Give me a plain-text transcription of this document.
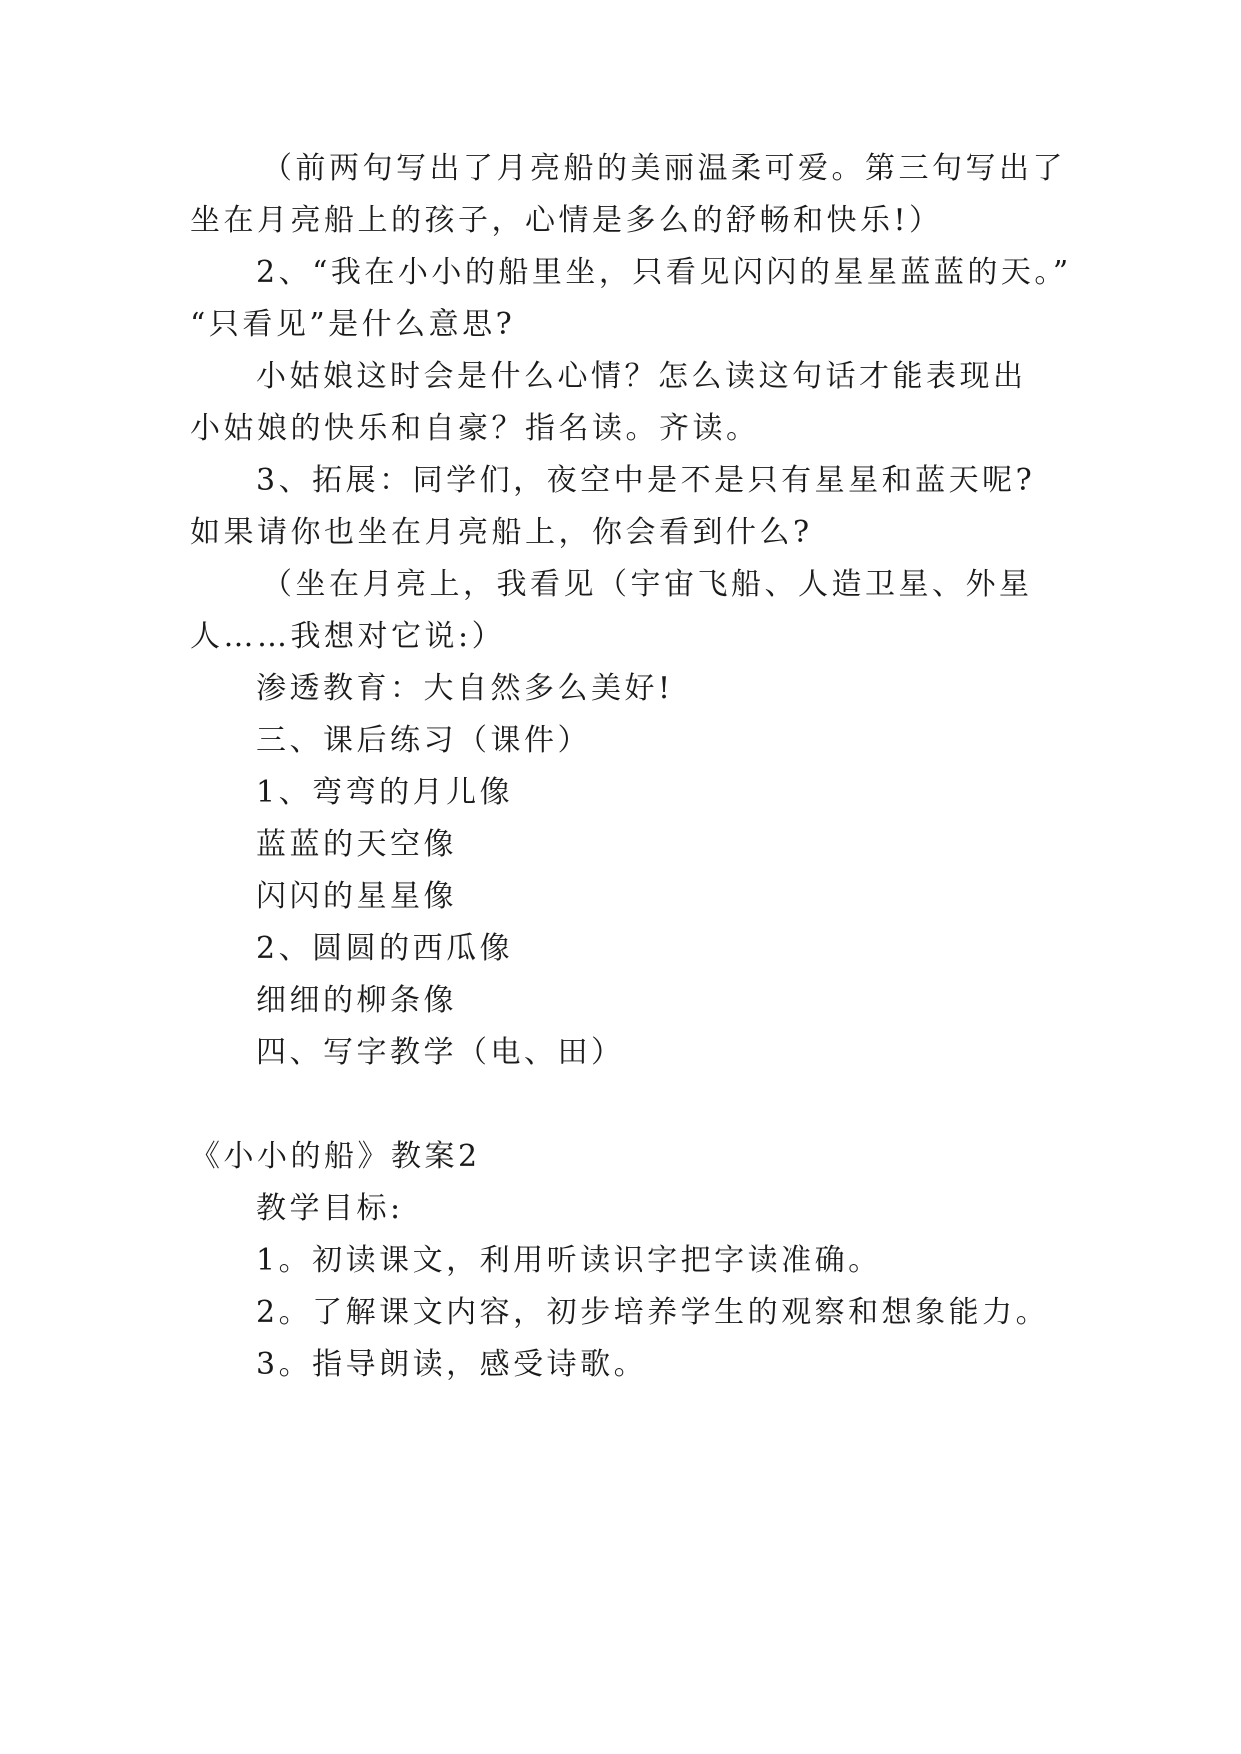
（前两句写出了月亮船的美丽温柔可爱。第三句写出了
坐在月亮船上的孩子，心情是多么的舒畅和快乐!）
2、“我在小小的船里坐，只看见闪闪的星星蓝蓝的天。”
“只看见”是什么意思?
小姑娘这时会是什么心情？怎么读这句话才能表现出
小姑娘的快乐和自豪？指名读。齐读。
3、拓展：同学们，夜空中是不是只有星星和蓝天呢?
如果请你也坐在月亮船上，你会看到什么?
（坐在月亮上，我看见（宇宙飞船、人造卫星、外星
人……我想对它说:）
渗透教育：大自然多么美好!
三、课后练习（课件）
1、弯弯的月儿像
蓝蓝的天空像
闪闪的星星像
2、圆圆的西瓜像
细细的柳条像
四、写字教学（电、田）
《小小的船》教案2
教学目标:
1。初读课文，利用听读识字把字读准确。
2。了解课文内容，初步培养学生的观察和想象能力。
3。指导朗读，感受诗歌。
